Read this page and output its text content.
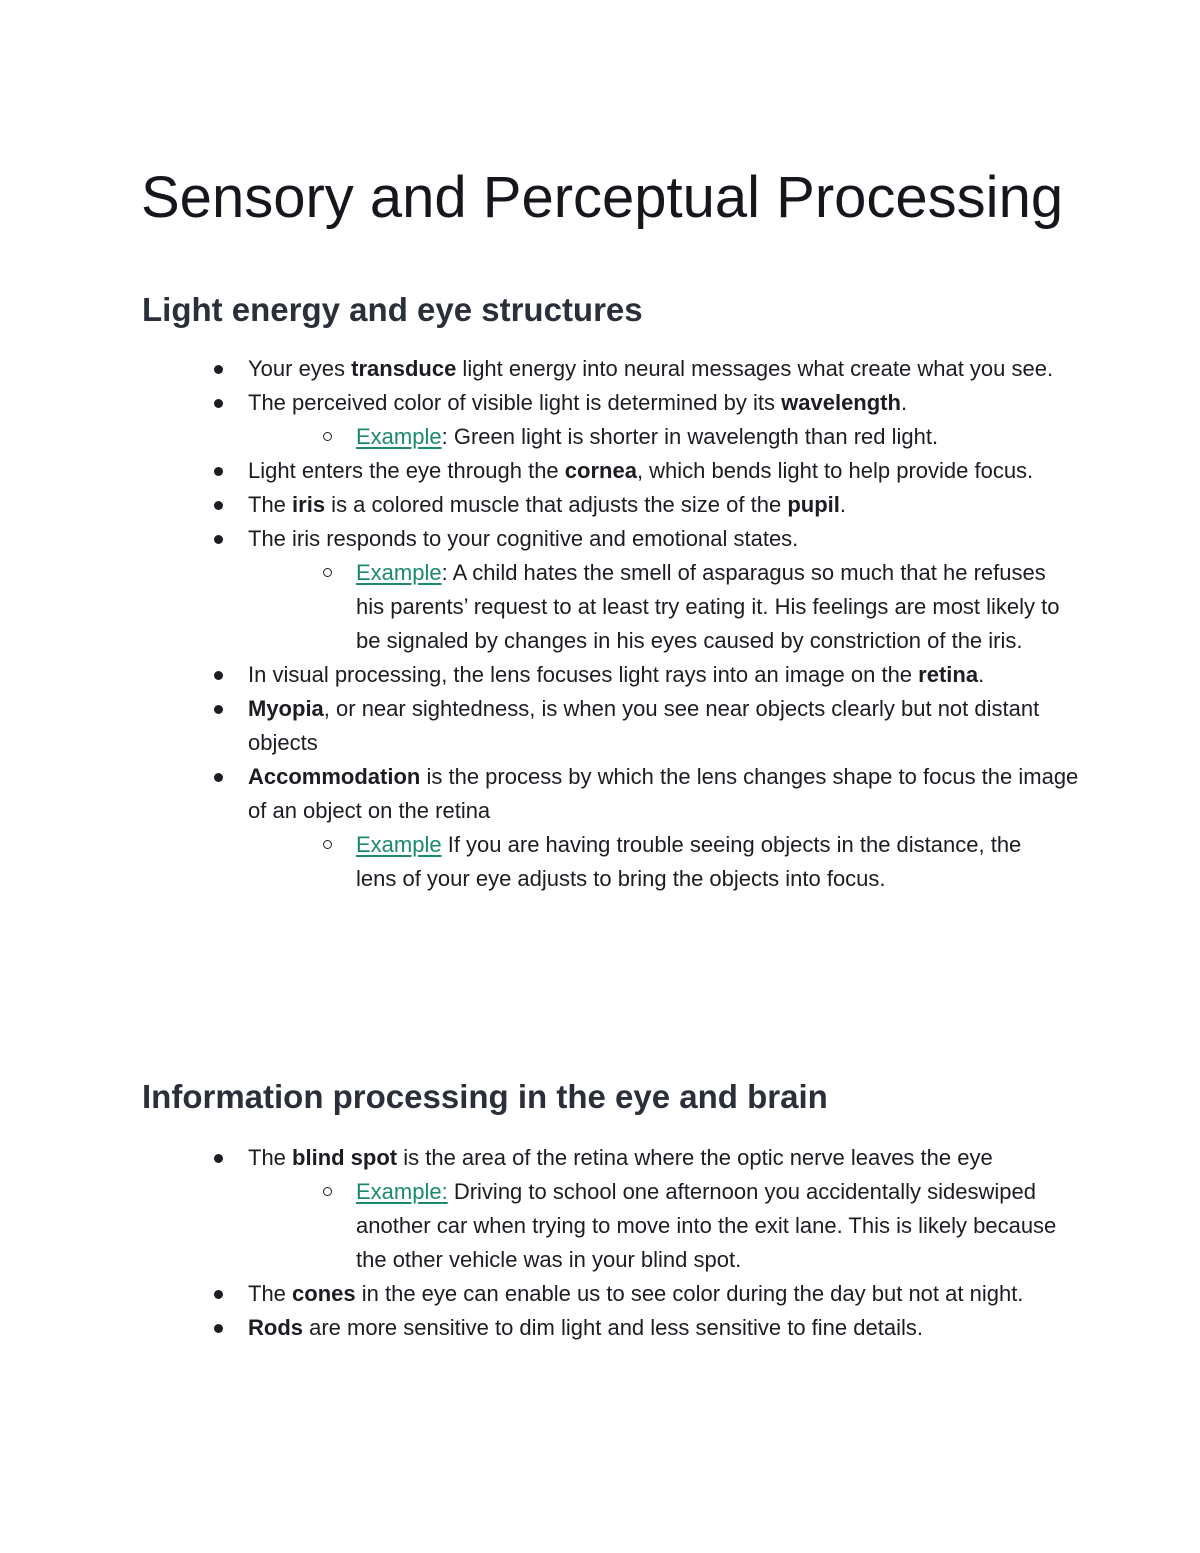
Sensory and Perceptual Processing
Light energy and eye structures
Your eyes transduce light energy into neural messages what create what you see.
The perceived color of visible light is determined by its wavelength.
Example: Green light is shorter in wavelength than red light.
Light enters the eye through the cornea, which bends light to help provide focus.
The iris is a colored muscle that adjusts the size of the pupil.
The iris responds to your cognitive and emotional states.
Example: A child hates the smell of asparagus so much that he refuses his parents’ request to at least try eating it. His feelings are most likely to be signaled by changes in his eyes caused by constriction of the iris.
In visual processing, the lens focuses light rays into an image on the retina.
Myopia, or near sightedness, is when you see near objects clearly but not distant objects
Accommodation is the process by which the lens changes shape to focus the image of an object on the retina
Example If you are having trouble seeing objects in the distance, the lens of your eye adjusts to bring the objects into focus.
Information processing in the eye and brain
The blind spot is the area of the retina where the optic nerve leaves the eye
Example: Driving to school one afternoon you accidentally sideswiped another car when trying to move into the exit lane. This is likely because the other vehicle was in your blind spot.
The cones in the eye can enable us to see color during the day but not at night.
Rods are more sensitive to dim light and less sensitive to fine details.
